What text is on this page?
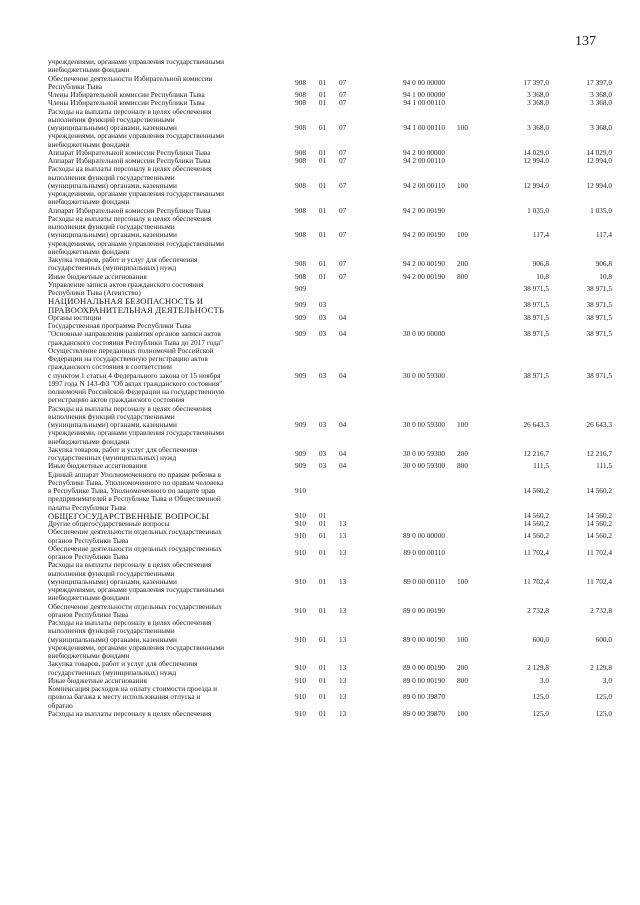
137
учреждениями, органами управления государственными
внебюджетными фондами
Обеспечение деятельности Избирательной комиссии
Республики Тыва	908	01	07	94 0 00 00000	17 397,0	17 397,0
Члены Избирательной комиссии Республики Тыва	908	01	07	94 1 00 00000	3 368,0	3 368,0
Члены Избирательной комиссии Республики Тыва	908	01	07	94 1 00 00110	3 368,0	3 368,0
Расходы на выплаты персоналу в целях обеспечения
выполнения функций государственными
(муниципальными) органами, казенными
учреждениями, органами управления государственными
внебюджетными фондами
908	01	07	94 1 00 00110	100	3 368,0	3 368,0
Аппарат Избирательной комиссии Республики Тыва	908	01	07	94 2 00 00000	14 029,0	14 029,0
Аппарат Избирательной комиссии Республики Тыва	908	01	07	94 2 00 00110	12 994,0	12 994,0
Расходы на выплаты персоналу в целях обеспечения
выполнения функций государственными
(муниципальными) органами, казенными
учреждениями, органами управления государственными
внебюджетными фондами
908	01	07	94 2 00 00110	100	12 994,0	12 994,0
Аппарат Избирательной комиссии Республики Тыва	908	01	07	94 2 00 00190	1 035,0	1 035,0
Расходы на выплаты персоналу в целях обеспечения
выполнения функций государственными
(муниципальными) органами, казенными
учреждениями, органами управления государственными
внебюджетными фондами
908	01	07	94 2 00 00190	100	117,4	117,4
Закупка товаров, работ и услуг для обеспечения
государственных (муниципальных) нужд	908	01	07	94 2 00 00190	200	906,8	906,8
Иные бюджетные ассигнования	908	01	07	94 2 00 00190	800	10,8	10,8
Управление записи актов гражданского состояния
Республики Тыва (Агентство)	909	38 971,5	38 971,5
НАЦИОНАЛЬНАЯ БЕЗОПАСНОСТЬ И
ПРАВООХРАНИТЕЛЬНАЯ ДЕЯТЕЛЬНОСТЬ	909	03	38 971,5	38 971,5
Органы юстиции	909	03	04	38 971,5	38 971,5
Государственная программа Республики Тыва
"Основные направления развития органов записи актов
гражданского состояния Республики Тыва до 2017 года"
909	03	04	30 0 00 00000	38 971,5	38 971,5
Осуществление переданных полномочий Российской
Федерации на государственную регистрацию актов
гражданского состояния в соответствии
с пунктом 1 статьи 4 Федерального закона от 15 ноября
1997 года N 143-ФЗ "Об актах гражданского состояния"
полномочий Российской Федерации на государственную
регистрацию актов гражданского состояния
909	03	04	30 0 00 59300	38 971,5	38 971,5
Расходы на выплаты персоналу в целях обеспечения
выполнения функций государственными
(муниципальными) органами, казенными
учреждениями, органами управления государственными
внебюджетными фондами
909	03	04	30 0 00 59300	100	26 643,3	26 643,3
Закупка товаров, работ и услуг для обеспечения
государственных (муниципальных) нужд	909	03	04	30 0 00 59300	200	12 216,7	12 216,7
Иные бюджетные ассигнования	909	03	04	30 0 00 59300	800	111,5	111,5
Единый аппарат Уполномоченного по правам ребенка в
Республике Тыва, Уполномоченного по правам человека
в Республике Тыва, Уполномоченного по защите прав
предпринимателей в Республике Тыва и Общественной
палаты Республики Тыва
910	14 560,2	14 560,2
ОБЩЕГОСУДАРСТВЕННЫЕ ВОПРОСЫ	910	01	14 560,2	14 560,2
Другие общегосударственные вопросы	910	01	13	14 560,2	14 560,2
Обеспечение деятельности отдельных государственных
органов Республики Тыва	910	01	13	89 0 00 00000	14 560,2	14 560,2
Обеспечение деятельности отдельных государственных
органов Республики Тыва	910	01	13	89 0 00 00110	11 702,4	11 702,4
Расходы на выплаты персоналу в целях обеспечения
выполнения функций государственными
(муниципальными) органами, казенными
учреждениями, органами управления государственными
внебюджетными фондами
910	01	13	89 0 00 00110	100	11 702,4	11 702,4
Обеспечение деятельности отдельных государственных
органов Республики Тыва	910	01	13	89 0 00 00190	2 732,8	2 732,8
Расходы на выплаты персоналу в целях обеспечения
выполнения функций государственными
(муниципальными) органами, казенными
учреждениями, органами управления государственными
внебюджетными фондами
910	01	13	89 0 00 00190	100	600,0	600,0
Закупка товаров, работ и услуг для обеспечения
государственных (муниципальных) нужд	910	01	13	89 0 00 00190	200	2 129,8	2 129,8
Иные бюджетные ассигнования	910	01	13	89 0 00 00190	800	3,0	3,0
Компенсация расходов на оплату стоимости проезда и
провоза багажа к месту использования отпуска и
обратно
910	01	13	89 0 00 39870	125,0	125,0
Расходы на выплаты персоналу в целях обеспечения	910	01	13	89 0 00 39870	100	125,0	125,0
